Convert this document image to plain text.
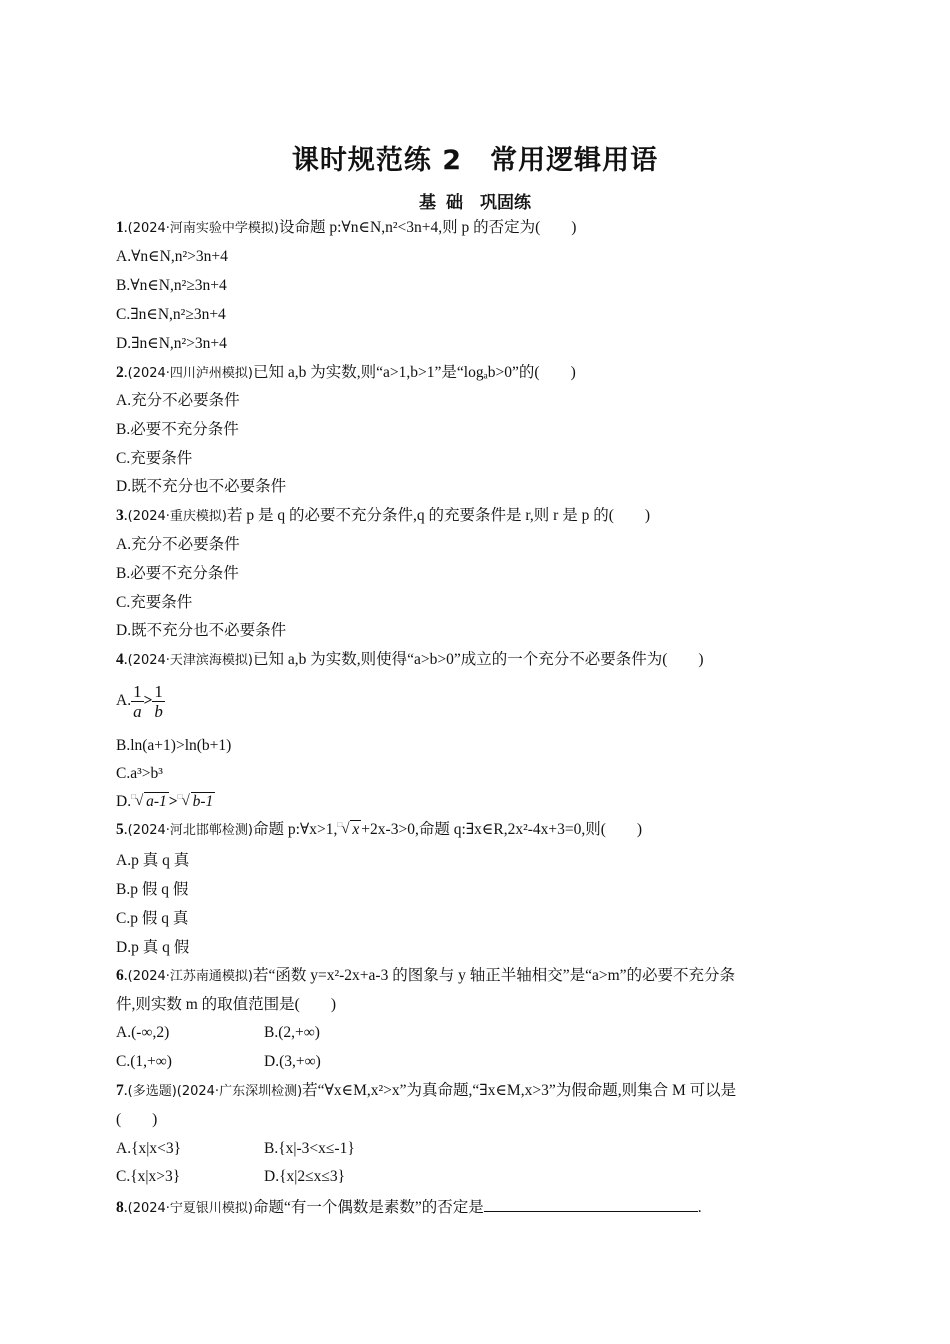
课时规范练 2　常用逻辑用语
基 础　巩固练
1.(2024·河南实验中学模拟)设命题 p:∀n∈N,n²<3n+4,则 p 的否定为(　　)
A.∀n∈N,n²>3n+4
B.∀n∈N,n²≥3n+4
C.∃n∈N,n²≥3n+4
D.∃n∈N,n²>3n+4
2.(2024·四川泸州模拟)已知 a,b 为实数,则“a>1,b>1”是“logₐb>0”的(　　)
A.充分不必要条件
B.必要不充分条件
C.充要条件
D.既不充分也不必要条件
3.(2024·重庆模拟)若 p 是 q 的必要不充分条件,q 的充要条件是 r,则 r 是 p 的(　　)
A.充分不必要条件
B.必要不充分条件
C.充要条件
D.既不充分也不必要条件
4.(2024·天津滨海模拟)已知 a,b 为实数,则使得“a>b>0”成立的一个充分不必要条件为(　　)
A. $\frac{1}{a} > \frac{1}{b}$
B.ln(a+1)>ln(b+1)
C.a³>b³
D. □ √ a-1 > □ √ b-1
5.(2024·河北邯郸检测)命题 p:∀x>1, □ √ x +2x-3>0,命题 q:∃x∈R,2x²-4x+3=0,则(　　)
A.p 真 q 真
B.p 假 q 假
C.p 假 q 真
D.p 真 q 假
6.(2024·江苏南通模拟)若“函数 y=x²-2x+a-3 的图象与 y 轴正半轴相交”是“a>m”的必要不充分条
件,则实数 m 的取值范围是(　　)
A.(-∞,2)	B.(2,+∞)
C.(1,+∞)	D.(3,+∞)
7.(多选题)(2024·广东深圳检测)若“∀x∈M,x²>x”为真命题,“∃x∈M,x>3”为假命题,则集合 M 可以是
(　　)
A.{x|x<3}	B.{x|-3<x≤-1}
C.{x|x>3}	D.{x|2≤x≤3}
8.(2024·宁夏银川模拟)命题“有一个偶数是素数”的否定是	.
